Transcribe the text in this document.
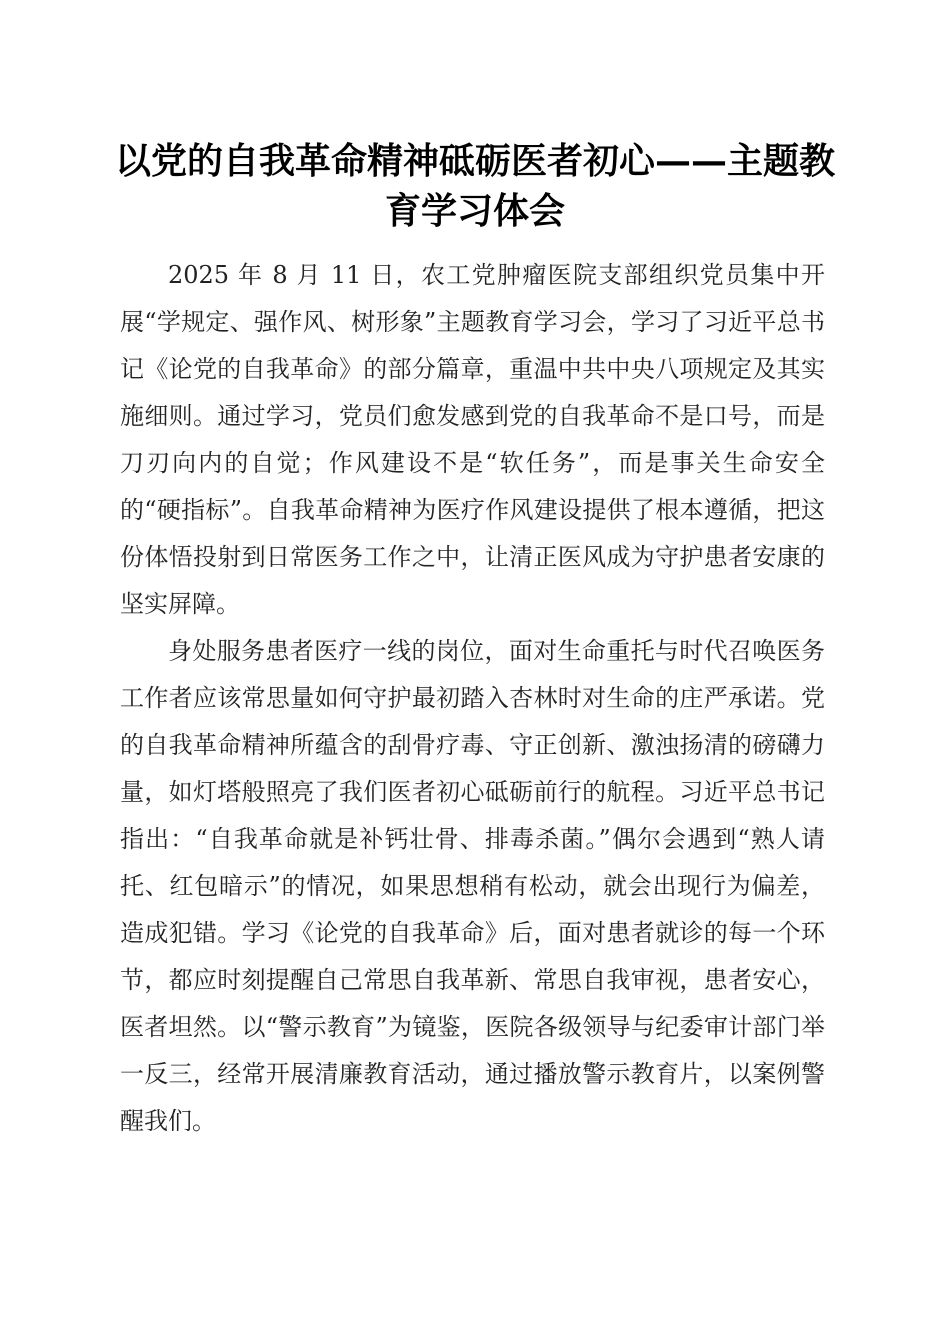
以党的自我革命精神砥砺医者初心——主题教育学习体会

2025 年 8 月 11 日，农工党肿瘤医院支部组织党员集中开展“学规定、强作风、树形象”主题教育学习会，学习了习近平总书记《论党的自我革命》的部分篇章，重温中共中央八项规定及其实施细则。通过学习，党员们愈发感到党的自我革命不是口号，而是刀刃向内的自觉；作风建设不是“软任务”，而是事关生命安全的“硬指标”。自我革命精神为医疗作风建设提供了根本遵循，把这份体悟投射到日常医务工作之中，让清正医风成为守护患者安康的坚实屏障。

身处服务患者医疗一线的岗位，面对生命重托与时代召唤医务工作者应该常思量如何守护最初踏入杏林时对生命的庄严承诺。党的自我革命精神所蕴含的刮骨疗毒、守正创新、激浊扬清的磅礴力量，如灯塔般照亮了我们医者初心砥砺前行的航程。习近平总书记指出：“自我革命就是补钙壮骨、排毒杀菌。”偶尔会遇到“熟人请托、红包暗示”的情况，如果思想稍有松动，就会出现行为偏差，造成犯错。学习《论党的自我革命》后，面对患者就诊的每一个环节，都应时刻提醒自己常思自我革新、常思自我审视，患者安心，医者坦然。以“警示教育”为镜鉴，医院各级领导与纪委审计部门举一反三，经常开展清廉教育活动，通过播放警示教育片，以案例警醒我们。
